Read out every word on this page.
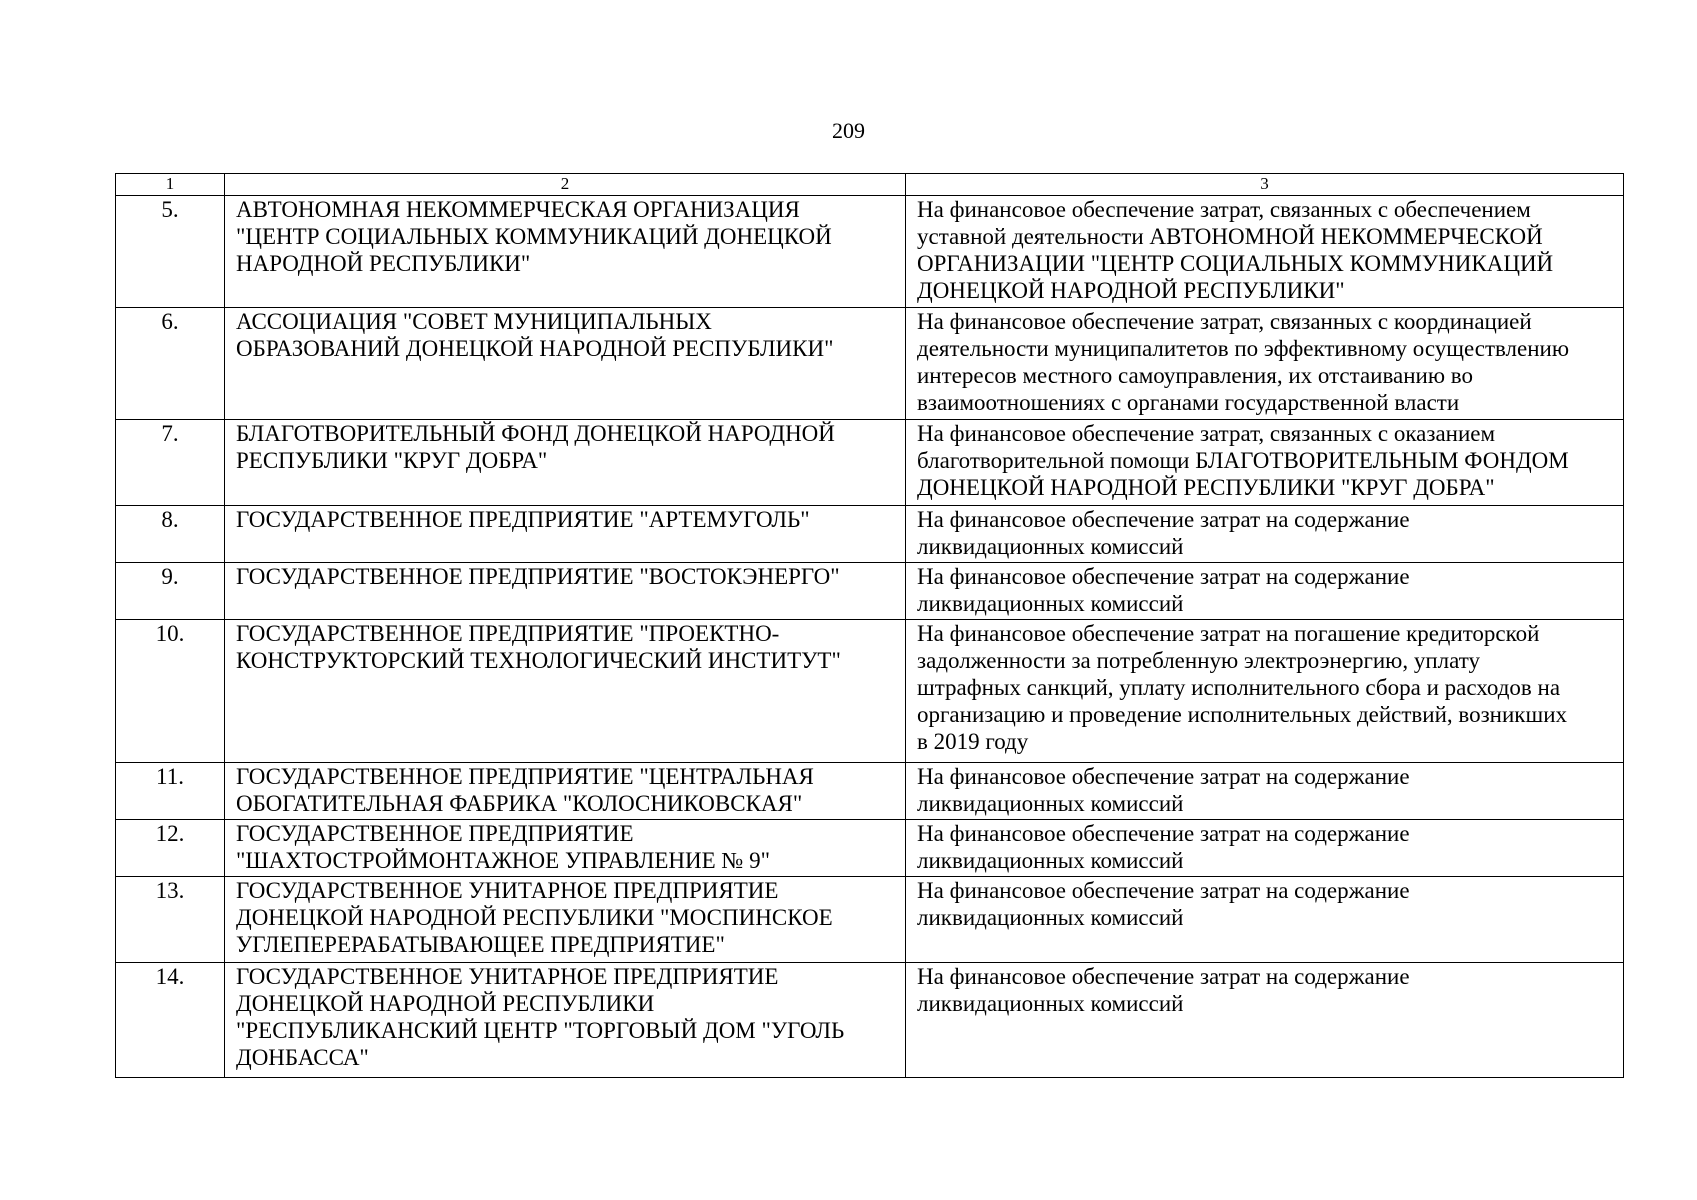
209
1	2	3
5.	АВТОНОМНАЯ НЕКОММЕРЧЕСКАЯ ОРГАНИЗАЦИЯ
"ЦЕНТР СОЦИАЛЬНЫХ КОММУНИКАЦИЙ ДОНЕЦКОЙ
НАРОДНОЙ РЕСПУБЛИКИ"	На финансовое обеспечение затрат, связанных с обеспечением
уставной деятельности АВТОНОМНОЙ НЕКОММЕРЧЕСКОЙ
ОРГАНИЗАЦИИ "ЦЕНТР СОЦИАЛЬНЫХ КОММУНИКАЦИЙ
ДОНЕЦКОЙ НАРОДНОЙ РЕСПУБЛИКИ"

6.	АССОЦИАЦИЯ "СОВЕТ МУНИЦИПАЛЬНЫХ
ОБРАЗОВАНИЙ ДОНЕЦКОЙ НАРОДНОЙ РЕСПУБЛИКИ"	На финансовое обеспечение затрат, связанных с координацией
деятельности муниципалитетов по эффективному осуществлению
интересов местного самоуправления, их отстаиванию во
взаимоотношениях с органами государственной власти

7.	БЛАГОТВОРИТЕЛЬНЫЙ ФОНД ДОНЕЦКОЙ НАРОДНОЙ
РЕСПУБЛИКИ "КРУГ ДОБРА"	На финансовое обеспечение затрат, связанных с оказанием
благотворительной помощи БЛАГОТВОРИТЕЛЬНЫМ ФОНДОМ
ДОНЕЦКОЙ НАРОДНОЙ РЕСПУБЛИКИ "КРУГ ДОБРА"

8.	ГОСУДАРСТВЕННОЕ ПРЕДПРИЯТИЕ "АРТЕМУГОЛЬ"	На финансовое обеспечение затрат на содержание
ликвидационных комиссий

9.	ГОСУДАРСТВЕННОЕ ПРЕДПРИЯТИЕ "ВОСТОКЭНЕРГО"	На финансовое обеспечение затрат на содержание
ликвидационных комиссий

10.	ГОСУДАРСТВЕННОЕ ПРЕДПРИЯТИЕ "ПРОЕКТНО-
КОНСТРУКТОРСКИЙ ТЕХНОЛОГИЧЕСКИЙ ИНСТИТУТ"	На финансовое обеспечение затрат на погашение кредиторской
задолженности за потребленную электроэнергию, уплату
штрафных санкций, уплату исполнительного сбора и расходов на
организацию и проведение исполнительных действий, возникших
в 2019 году

11.	ГОСУДАРСТВЕННОЕ ПРЕДПРИЯТИЕ "ЦЕНТРАЛЬНАЯ
ОБОГАТИТЕЛЬНАЯ ФАБРИКА "КОЛОСНИКОВСКАЯ"	На финансовое обеспечение затрат на содержание
ликвидационных комиссий

12.	ГОСУДАРСТВЕННОЕ ПРЕДПРИЯТИЕ
"ШАХТОСТРОЙМОНТАЖНОЕ УПРАВЛЕНИЕ № 9"	На финансовое обеспечение затрат на содержание
ликвидационных комиссий

13.	ГОСУДАРСТВЕННОЕ УНИТАРНОЕ ПРЕДПРИЯТИЕ
ДОНЕЦКОЙ НАРОДНОЙ РЕСПУБЛИКИ "МОСПИНСКОЕ
УГЛЕПЕРЕРАБАТЫВАЮЩЕЕ ПРЕДПРИЯТИЕ"	На финансовое обеспечение затрат на содержание
ликвидационных комиссий

14.	ГОСУДАРСТВЕННОЕ УНИТАРНОЕ ПРЕДПРИЯТИЕ
ДОНЕЦКОЙ НАРОДНОЙ РЕСПУБЛИКИ
"РЕСПУБЛИКАНСКИЙ ЦЕНТР "ТОРГОВЫЙ ДОМ "УГОЛЬ
ДОНБАССА"	На финансовое обеспечение затрат на содержание
ликвидационных комиссий
